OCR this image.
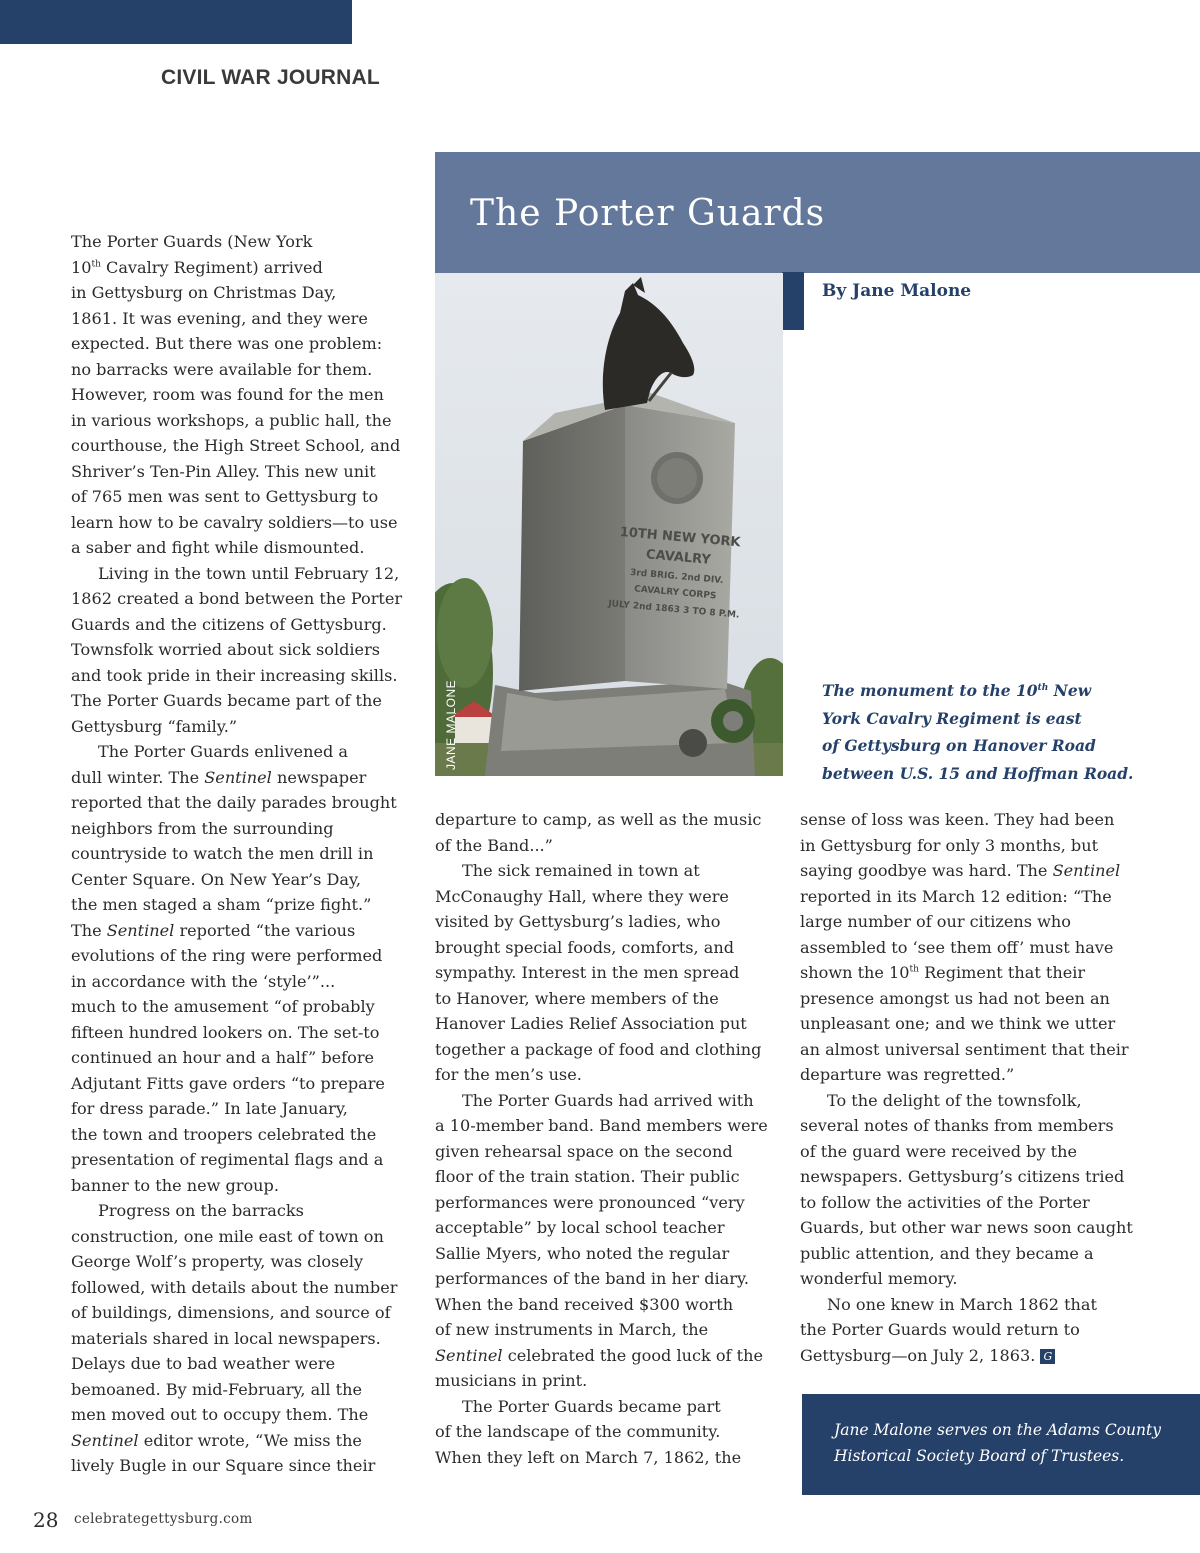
CIVIL WAR JOURNAL
The Porter Guards
By Jane Malone
10TH NEW YORK
CAVALRY
3rd BRIG. 2nd DIV.
CAVALRY CORPS
JULY 2nd 1863 3 TO 8 P.M.
JANE MALONE	The monument to the 10th New
York Cavalry Regiment is east
of Gettysburg on Hanover Road
between U.S. 15 and Hoffman Road.
The Porter Guards (New York
10th Cavalry Regiment) arrived
in Gettysburg on Christmas Day,
1861. It was evening, and they were
expected. But there was one problem:
no barracks were available for them.
However, room was found for the men
in various workshops, a public hall, the
courthouse, the High Street School, and
Shriver’s Ten-Pin Alley. This new unit
of 765 men was sent to Gettysburg to
learn how to be cavalry soldiers—to use
a saber and fight while dismounted.
Living in the town until February 12,
1862 created a bond between the Porter
Guards and the citizens of Gettysburg.
Townsfolk worried about sick soldiers
and took pride in their increasing skills.
The Porter Guards became part of the
Gettysburg “family.”
The Porter Guards enlivened a
dull winter. The Sentinel newspaper
reported that the daily parades brought
neighbors from the surrounding
countryside to watch the men drill in
Center Square. On New Year’s Day,
the men staged a sham “prize fight.”
The Sentinel reported “the various
evolutions of the ring were performed
in accordance with the ‘style’”...
much to the amusement “of probably
fifteen hundred lookers on. The set-to
continued an hour and a half” before
Adjutant Fitts gave orders “to prepare
for dress parade.” In late January,
the town and troopers celebrated the
presentation of regimental flags and a
banner to the new group.
Progress on the barracks
construction, one mile east of town on
George Wolf’s property, was closely
followed, with details about the number
of buildings, dimensions, and source of
materials shared in local newspapers.
Delays due to bad weather were
bemoaned. By mid-February, all the
men moved out to occupy them. The
Sentinel editor wrote, “We miss the
lively Bugle in our Square since their
departure to camp, as well as the music
of the Band...”
The sick remained in town at
McConaughy Hall, where they were
visited by Gettysburg’s ladies, who
brought special foods, comforts, and
sympathy. Interest in the men spread
to Hanover, where members of the
Hanover Ladies Relief Association put
together a package of food and clothing
for the men’s use.
The Porter Guards had arrived with
a 10-member band. Band members were
given rehearsal space on the second
floor of the train station. Their public
performances were pronounced “very
acceptable” by local school teacher
Sallie Myers, who noted the regular
performances of the band in her diary.
When the band received $300 worth
of new instruments in March, the
Sentinel celebrated the good luck of the
musicians in print.
The Porter Guards became part
of the landscape of the community.
When they left on March 7, 1862, the
sense of loss was keen. They had been
in Gettysburg for only 3 months, but
saying goodbye was hard. The Sentinel
reported in its March 12 edition: “The
large number of our citizens who
assembled to ‘see them off’ must have
shown the 10th Regiment that their
presence amongst us had not been an
unpleasant one; and we think we utter
an almost universal sentiment that their
departure was regretted.”
To the delight of the townsfolk,
several notes of thanks from members
of the guard were received by the
newspapers. Gettysburg’s citizens tried
to follow the activities of the Porter
Guards, but other war news soon caught
public attention, and they became a
wonderful memory.
No one knew in March 1862 that
the Porter Guards would return to
Gettysburg—on July 2, 1863. G
Jane Malone serves on the Adams County
Historical Society Board of Trustees.
28 celebrategettysburg.com
